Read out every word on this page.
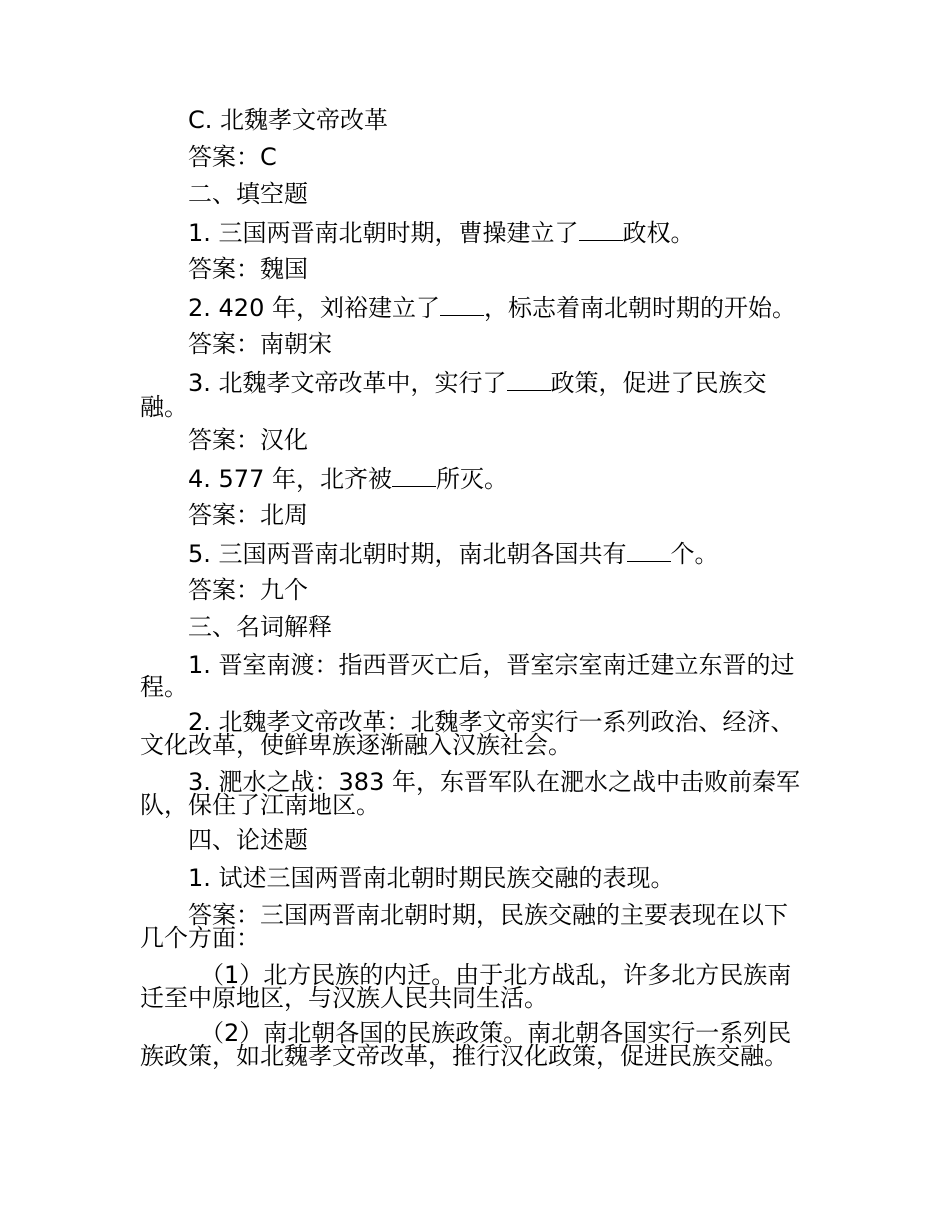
C. 北魏孝文帝改革
答案：C
二、填空题
1. 三国两晋南北朝时期，曹操建立了 政权。
答案：魏国
2. 420 年，刘裕建立了 ，标志着南北朝时期的开始。
答案：南朝宋
3. 北魏孝文帝改革中，实行了 政策，促进了民族交
融。
答案：汉化
4. 577 年，北齐被 所灭。
答案：北周
5. 三国两晋南北朝时期，南北朝各国共有 个。
答案：九个
三、名词解释
1. 晋室南渡：指西晋灭亡后，晋室宗室南迁建立东晋的过
程。
2. 北魏孝文帝改革：北魏孝文帝实行一系列政治、经济、
文化改革，使鲜卑族逐渐融入汉族社会。
3. 淝水之战：383 年，东晋军队在淝水之战中击败前秦军
队，保住了江南地区。
四、论述题
1. 试述三国两晋南北朝时期民族交融的表现。
答案：三国两晋南北朝时期，民族交融的主要表现在以下
几个方面：
（1）北方民族的内迁。由于北方战乱，许多北方民族南
迁至中原地区，与汉族人民共同生活。
（2）南北朝各国的民族政策。南北朝各国实行一系列民
族政策，如北魏孝文帝改革，推行汉化政策，促进民族交融。
